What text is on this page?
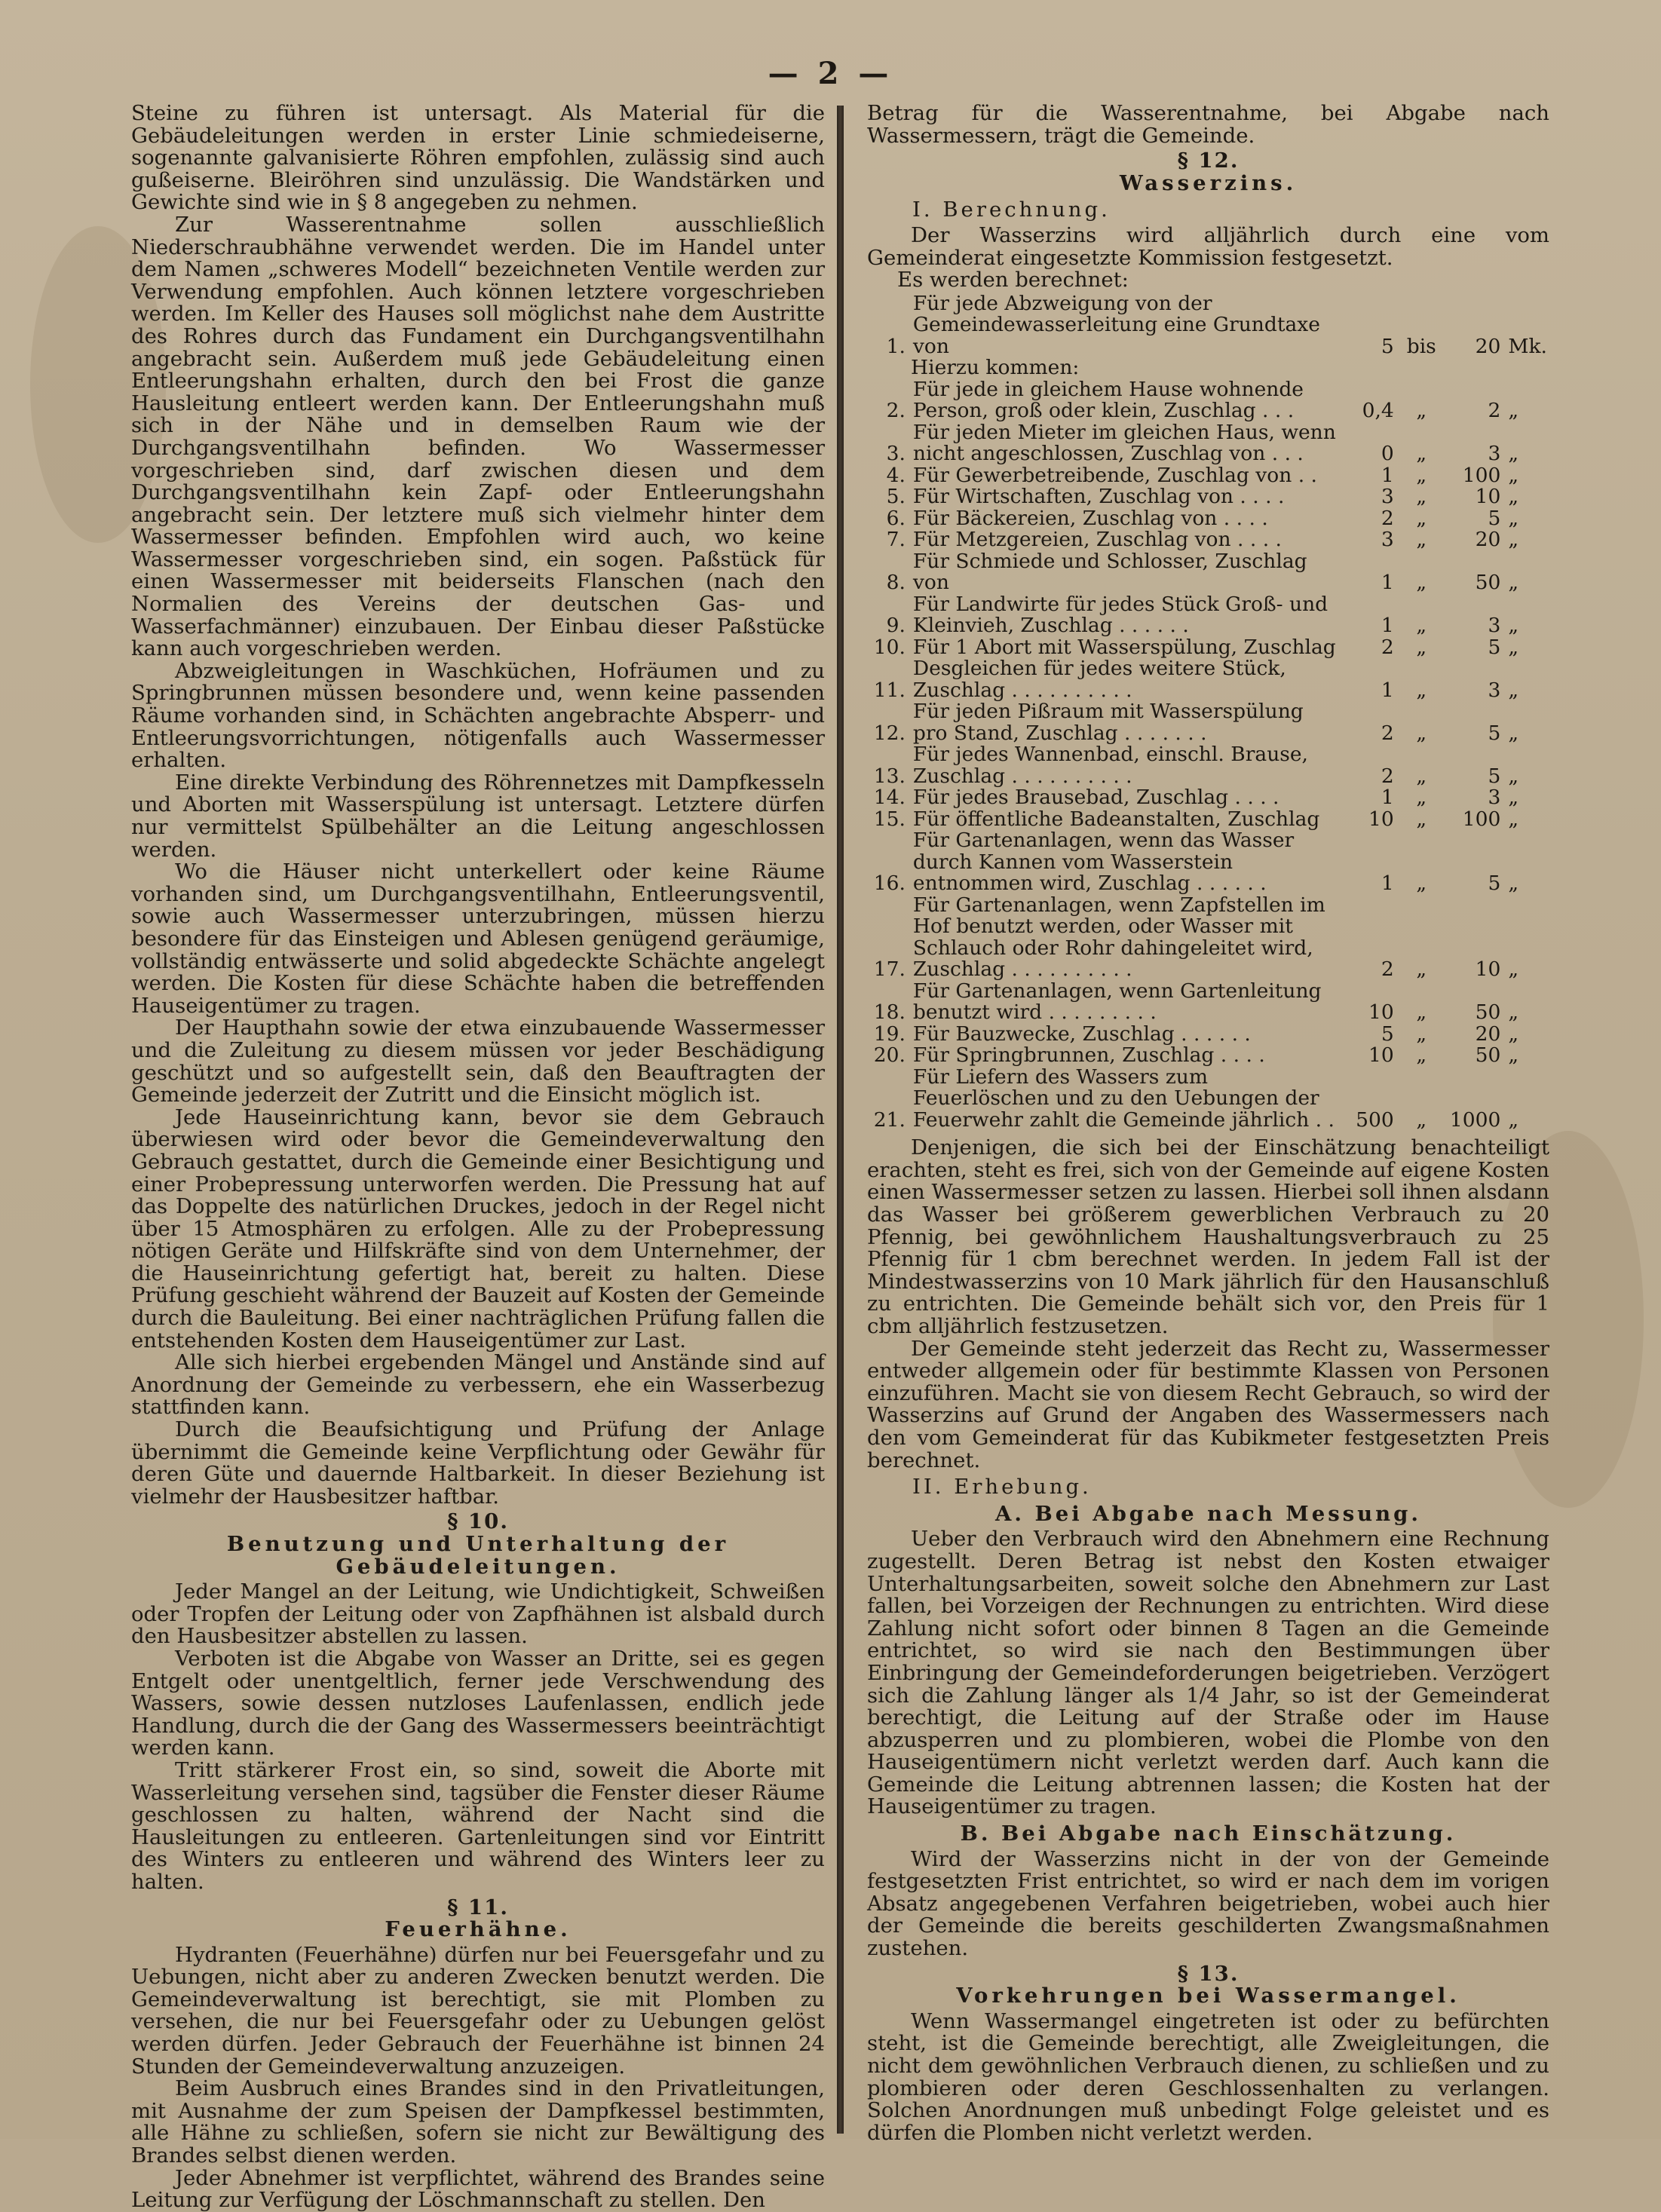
— 2 —

Steine zu führen ist untersagt. Als Material für die Gebäudeleitungen werden in erster Linie schmiedeiserne, sogenannte galvanisierte Röhren empfohlen, zulässig sind auch gußeiserne. Bleiröhren sind unzulässig. Die Wandstärken und Gewichte sind wie in § 8 angegeben zu nehmen.

Zur Wasserentnahme sollen ausschließlich Niederschraubhähne verwendet werden. Die im Handel unter dem Namen „schweres Modell“ bezeichneten Ventile werden zur Verwendung empfohlen. Auch können letztere vorgeschrieben werden. Im Keller des Hauses soll möglichst nahe dem Austritte des Rohres durch das Fundament ein Durchgangsventilhahn angebracht sein. Außerdem muß jede Gebäudeleitung einen Entleerungshahn erhalten, durch den bei Frost die ganze Hausleitung entleert werden kann. Der Entleerungshahn muß sich in der Nähe und in demselben Raum wie der Durchgangsventilhahn befinden. Wo Wassermesser vorgeschrieben sind, darf zwischen diesen und dem Durchgangsventilhahn kein Zapf- oder Entleerungshahn angebracht sein. Der letztere muß sich vielmehr hinter dem Wassermesser befinden. Empfohlen wird auch, wo keine Wassermesser vorgeschrieben sind, ein sogen. Paßstück für einen Wassermesser mit beiderseits Flanschen (nach den Normalien des Vereins der deutschen Gas- und Wasserfachmänner) einzubauen. Der Einbau dieser Paßstücke kann auch vorgeschrieben werden.

Abzweigleitungen in Waschküchen, Hofräumen und zu Springbrunnen müssen besondere und, wenn keine passenden Räume vorhanden sind, in Schächten angebrachte Absperr- und Entleerungsvorrichtungen, nötigenfalls auch Wassermesser erhalten.

Eine direkte Verbindung des Röhrennetzes mit Dampfkesseln und Aborten mit Wasserspülung ist untersagt. Letztere dürfen nur vermittelst Spülbehälter an die Leitung angeschlossen werden.

Wo die Häuser nicht unterkellert oder keine Räume vorhanden sind, um Durchgangsventilhahn, Entleerungsventil, sowie auch Wassermesser unterzubringen, müssen hierzu besondere für das Einsteigen und Ablesen genügend geräumige, vollständig entwässerte und solid abgedeckte Schächte angelegt werden. Die Kosten für diese Schächte haben die betreffenden Hauseigentümer zu tragen.

Der Haupthahn sowie der etwa einzubauende Wassermesser und die Zuleitung zu diesem müssen vor jeder Beschädigung geschützt und so aufgestellt sein, daß den Beauftragten der Gemeinde jederzeit der Zutritt und die Einsicht möglich ist.

Jede Hauseinrichtung kann, bevor sie dem Gebrauch überwiesen wird oder bevor die Gemeindeverwaltung den Gebrauch gestattet, durch die Gemeinde einer Besichtigung und einer Probepressung unterworfen werden. Die Pressung hat auf das Doppelte des natürlichen Druckes, jedoch in der Regel nicht über 15 Atmosphären zu erfolgen. Alle zu der Probepressung nötigen Geräte und Hilfskräfte sind von dem Unternehmer, der die Hauseinrichtung gefertigt hat, bereit zu halten. Diese Prüfung geschieht während der Bauzeit auf Kosten der Gemeinde durch die Bauleitung. Bei einer nachträglichen Prüfung fallen die entstehenden Kosten dem Hauseigentümer zur Last.

Alle sich hierbei ergebenden Mängel und Anstände sind auf Anordnung der Gemeinde zu verbessern, ehe ein Wasserbezug stattfinden kann.

Durch die Beaufsichtigung und Prüfung der Anlage übernimmt die Gemeinde keine Verpflichtung oder Gewähr für deren Güte und dauernde Haltbarkeit. In dieser Beziehung ist vielmehr der Hausbesitzer haftbar.

§ 10.
Benutzung und Unterhaltung der Gebäudeleitungen.

Jeder Mangel an der Leitung, wie Undichtigkeit, Schweißen oder Tropfen der Leitung oder von Zapfhähnen ist alsbald durch den Hausbesitzer abstellen zu lassen.

Verboten ist die Abgabe von Wasser an Dritte, sei es gegen Entgelt oder unentgeltlich, ferner jede Verschwendung des Wassers, sowie dessen nutzloses Laufenlassen, endlich jede Handlung, durch die der Gang des Wassermessers beeinträchtigt werden kann.

Tritt stärkerer Frost ein, so sind, soweit die Aborte mit Wasserleitung versehen sind, tagsüber die Fenster dieser Räume geschlossen zu halten, während der Nacht sind die Hausleitungen zu entleeren. Gartenleitungen sind vor Eintritt des Winters zu entleeren und während des Winters leer zu halten.

§ 11.
Feuerhähne.

Hydranten (Feuerhähne) dürfen nur bei Feuersgefahr und zu Uebungen, nicht aber zu anderen Zwecken benutzt werden. Die Gemeindeverwaltung ist berechtigt, sie mit Plomben zu versehen, die nur bei Feuersgefahr oder zu Uebungen gelöst werden dürfen. Jeder Gebrauch der Feuerhähne ist binnen 24 Stunden der Gemeindeverwaltung anzuzeigen.

Beim Ausbruch eines Brandes sind in den Privatleitungen, mit Ausnahme der zum Speisen der Dampfkessel bestimmten, alle Hähne zu schließen, sofern sie nicht zur Bewältigung des Brandes selbst dienen werden.

Jeder Abnehmer ist verpflichtet, während des Brandes seine Leitung zur Verfügung der Löschmannschaft zu stellen. Den

Betrag für die Wasserentnahme, bei Abgabe nach Wassermessern, trägt die Gemeinde.

§ 12.
Wasserzins.
I. Berechnung.

Der Wasserzins wird alljährlich durch eine vom Gemeinderat eingesetzte Kommission festgesetzt.

Es werden berechnet:

1.	Für jede Abzweigung von der Gemeindewasserleitung eine Grundtaxe von	5	bis	20	Mk.
Hierzu kommen:					
2.	Für jede in gleichem Hause wohnende Person, groß oder klein, Zuschlag . . .	0,4	„	2	„
3.	Für jeden Mieter im gleichen Haus, wenn nicht angeschlossen, Zuschlag von . . .	0	„	3	„
4.	Für Gewerbetreibende, Zuschlag von . .	1	„	100	„
5.	Für Wirtschaften, Zuschlag von . . . .	3	„	10	„
6.	Für Bäckereien, Zuschlag von . . . .	2	„	5	„
7.	Für Metzgereien, Zuschlag von . . . .	3	„	20	„
8.	Für Schmiede und Schlosser, Zuschlag von	1	„	50	„
9.	Für Landwirte für jedes Stück Groß- und Kleinvieh, Zuschlag . . . . . .	1	„	3	„
10.	Für 1 Abort mit Wasserspülung, Zuschlag	2	„	5	„
11.	Desgleichen für jedes weitere Stück, Zuschlag . . . . . . . . . .	1	„	3	„
12.	Für jeden Pißraum mit Wasserspülung pro Stand, Zuschlag . . . . . . .	2	„	5	„
13.	Für jedes Wannenbad, einschl. Brause, Zuschlag . . . . . . . . . .	2	„	5	„
14.	Für jedes Brausebad, Zuschlag . . . .	1	„	3	„
15.	Für öffentliche Badeanstalten, Zuschlag	10	„	100	„
16.	Für Gartenanlagen, wenn das Wasser durch Kannen vom Wasserstein entnommen wird, Zuschlag . . . . . .	1	„	5	„
17.	Für Gartenanlagen, wenn Zapfstellen im Hof benutzt werden, oder Wasser mit Schlauch oder Rohr dahingeleitet wird, Zuschlag . . . . . . . . . .	2	„	10	„
18.	Für Gartenanlagen, wenn Gartenleitung benutzt wird . . . . . . . . .	10	„	50	„
19.	Für Bauzwecke, Zuschlag . . . . . .	5	„	20	„
20.	Für Springbrunnen, Zuschlag . . . .	10	„	50	„
21.	Für Liefern des Wassers zum Feuerlöschen und zu den Uebungen der Feuerwehr zahlt die Gemeinde jährlich . .	500	„	1000	„

Denjenigen, die sich bei der Einschätzung benachteiligt erachten, steht es frei, sich von der Gemeinde auf eigene Kosten einen Wassermesser setzen zu lassen. Hierbei soll ihnen alsdann das Wasser bei größerem gewerblichen Verbrauch zu 20 Pfennig, bei gewöhnlichem Haushaltungsverbrauch zu 25 Pfennig für 1 cbm berechnet werden. In jedem Fall ist der Mindestwasserzins von 10 Mark jährlich für den Hausanschluß zu entrichten. Die Gemeinde behält sich vor, den Preis für 1 cbm alljährlich festzusetzen.

Der Gemeinde steht jederzeit das Recht zu, Wassermesser entweder allgemein oder für bestimmte Klassen von Personen einzuführen. Macht sie von diesem Recht Gebrauch, so wird der Wasserzins auf Grund der Angaben des Wassermessers nach den vom Gemeinderat für das Kubikmeter festgesetzten Preis berechnet.

II. Erhebung.
A. Bei Abgabe nach Messung.

Ueber den Verbrauch wird den Abnehmern eine Rechnung zugestellt. Deren Betrag ist nebst den Kosten etwaiger Unterhaltungsarbeiten, soweit solche den Abnehmern zur Last fallen, bei Vorzeigen der Rechnungen zu entrichten. Wird diese Zahlung nicht sofort oder binnen 8 Tagen an die Gemeinde entrichtet, so wird sie nach den Bestimmungen über Einbringung der Gemeindeforderungen beigetrieben. Verzögert sich die Zahlung länger als 1/4 Jahr, so ist der Gemeinderat berechtigt, die Leitung auf der Straße oder im Hause abzusperren und zu plombieren, wobei die Plombe von den Hauseigentümern nicht verletzt werden darf. Auch kann die Gemeinde die Leitung abtrennen lassen; die Kosten hat der Hauseigentümer zu tragen.

B. Bei Abgabe nach Einschätzung.

Wird der Wasserzins nicht in der von der Gemeinde festgesetzten Frist entrichtet, so wird er nach dem im vorigen Absatz angegebenen Verfahren beigetrieben, wobei auch hier der Gemeinde die bereits geschilderten Zwangsmaßnahmen zustehen.

§ 13.
Vorkehrungen bei Wassermangel.

Wenn Wassermangel eingetreten ist oder zu befürchten steht, ist die Gemeinde berechtigt, alle Zweigleitungen, die nicht dem gewöhnlichen Verbrauch dienen, zu schließen und zu plombieren oder deren Geschlossenhalten zu verlangen. Solchen Anordnungen muß unbedingt Folge geleistet und es dürfen die Plomben nicht verletzt werden.
